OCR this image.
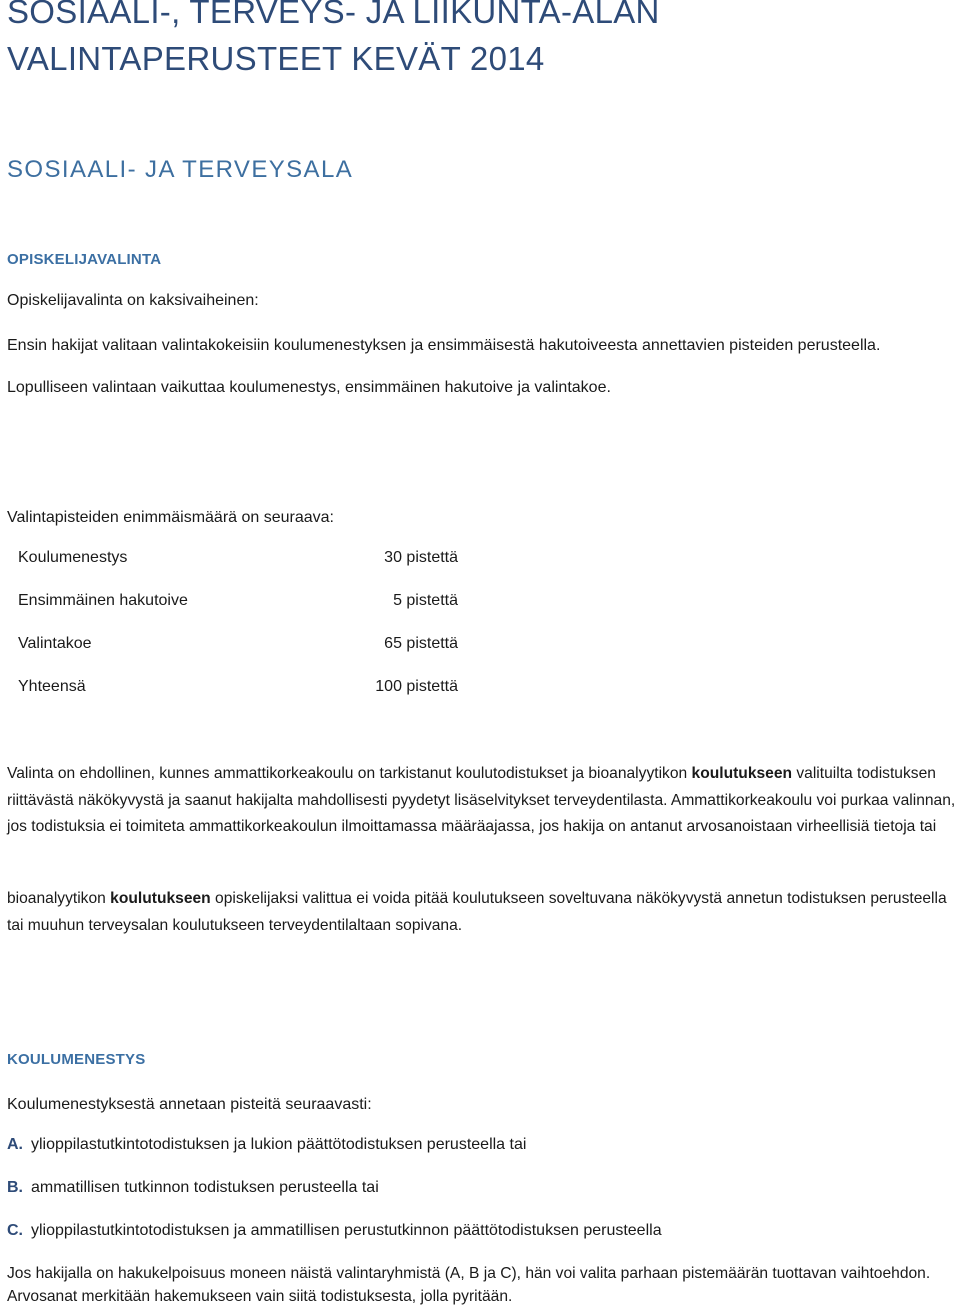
SOSIAALI-, TERVEYS- JA LIIKUNTA-ALAN
VALINTAPERUSTEET KEVÄT 2014
SOSIAALI- JA TERVEYSALA
OPISKELIJAVALINTA
Opiskelijavalinta on kaksivaiheinen:
Ensin hakijat valitaan valintakokeisiin koulumenestyksen ja ensimmäisestä hakutoiveesta annettavien pisteiden perusteella.
Lopulliseen valintaan vaikuttaa koulumenestys, ensimmäinen hakutoive ja valintakoe.
Valintapisteiden enimmäismäärä on seuraava:
Koulumenestys	30 pistettä
Ensimmäinen hakutoive	5 pistettä
Valintakoe	65 pistettä
Yhteensä	100 pistettä

Valinta on ehdollinen, kunnes ammattikorkeakoulu on tarkistanut koulutodistukset ja bioanalyytikon koulutukseen valituilta todistuksen riittävästä näkökyvystä ja saanut hakijalta mahdollisesti pyydetyt lisäselvitykset terveydentilasta. Ammattikorkeakoulu voi purkaa valinnan, jos todistuksia ei toimiteta ammattikorkeakoulun ilmoittamassa määräajassa, jos hakija on antanut arvosanoistaan virheellisiä tietoja tai

bioanalyytikon koulutukseen opiskelijaksi valittua ei voida pitää koulutukseen soveltuvana näkökyvystä annetun todistuksen perusteella tai muuhun terveysalan koulutukseen terveydentilaltaan sopivana.

KOULUMENESTYS
Koulumenestyksestä annetaan pisteitä seuraavasti:
A. ylioppilastutkintotodistuksen ja lukion päättötodistuksen perusteella tai
B. ammatillisen tutkinnon todistuksen perusteella tai
C. ylioppilastutkintotodistuksen ja ammatillisen perustutkinnon päättötodistuksen perusteella

Jos hakijalla on hakukelpoisuus moneen näistä valintaryhmistä (A, B ja C), hän voi valita parhaan pistemäärän tuottavan vaihtoehdon. Arvosanat merkitään hakemukseen vain siitä todistuksesta, jolla pyritään.
